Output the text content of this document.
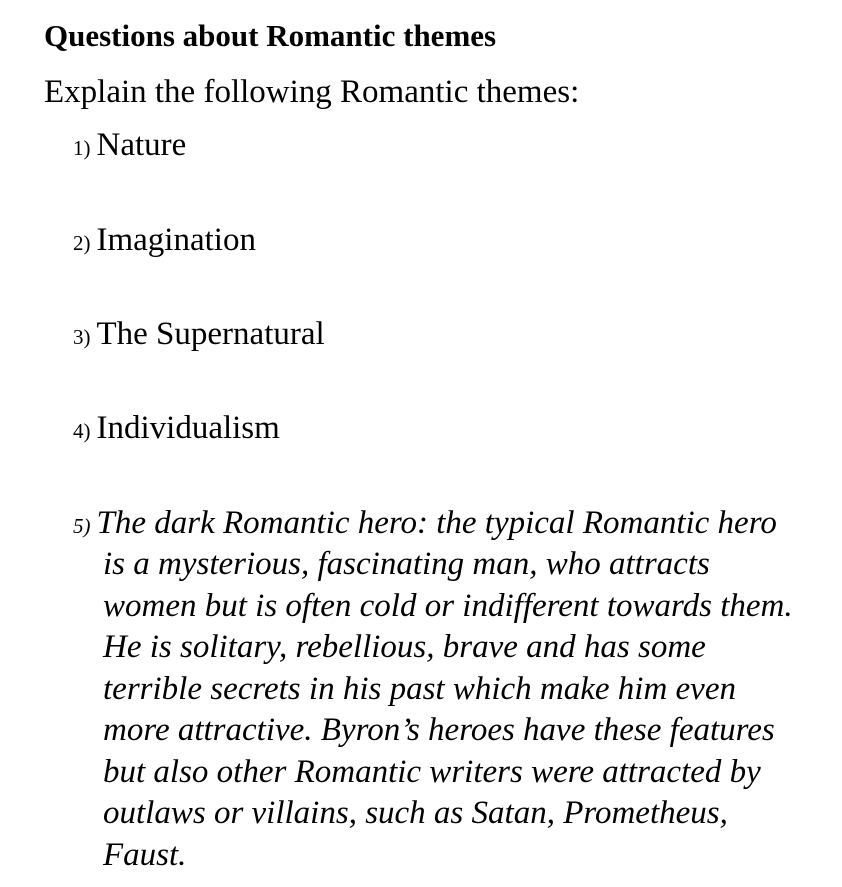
Questions about Romantic themes

Explain the following Romantic themes:

1) Nature

2) Imagination

3) The Supernatural

4) Individualism

5) The dark Romantic hero: the typical Romantic hero

is a mysterious, fascinating man, who attracts
women but is often cold or indifferent towards them.
He is solitary, rebellious, brave and has some
terrible secrets in his past which make him even
more attractive. Byron’s heroes have these features
but also other Romantic writers were attracted by
outlaws or villains, such as Satan, Prometheus,
Faust.
